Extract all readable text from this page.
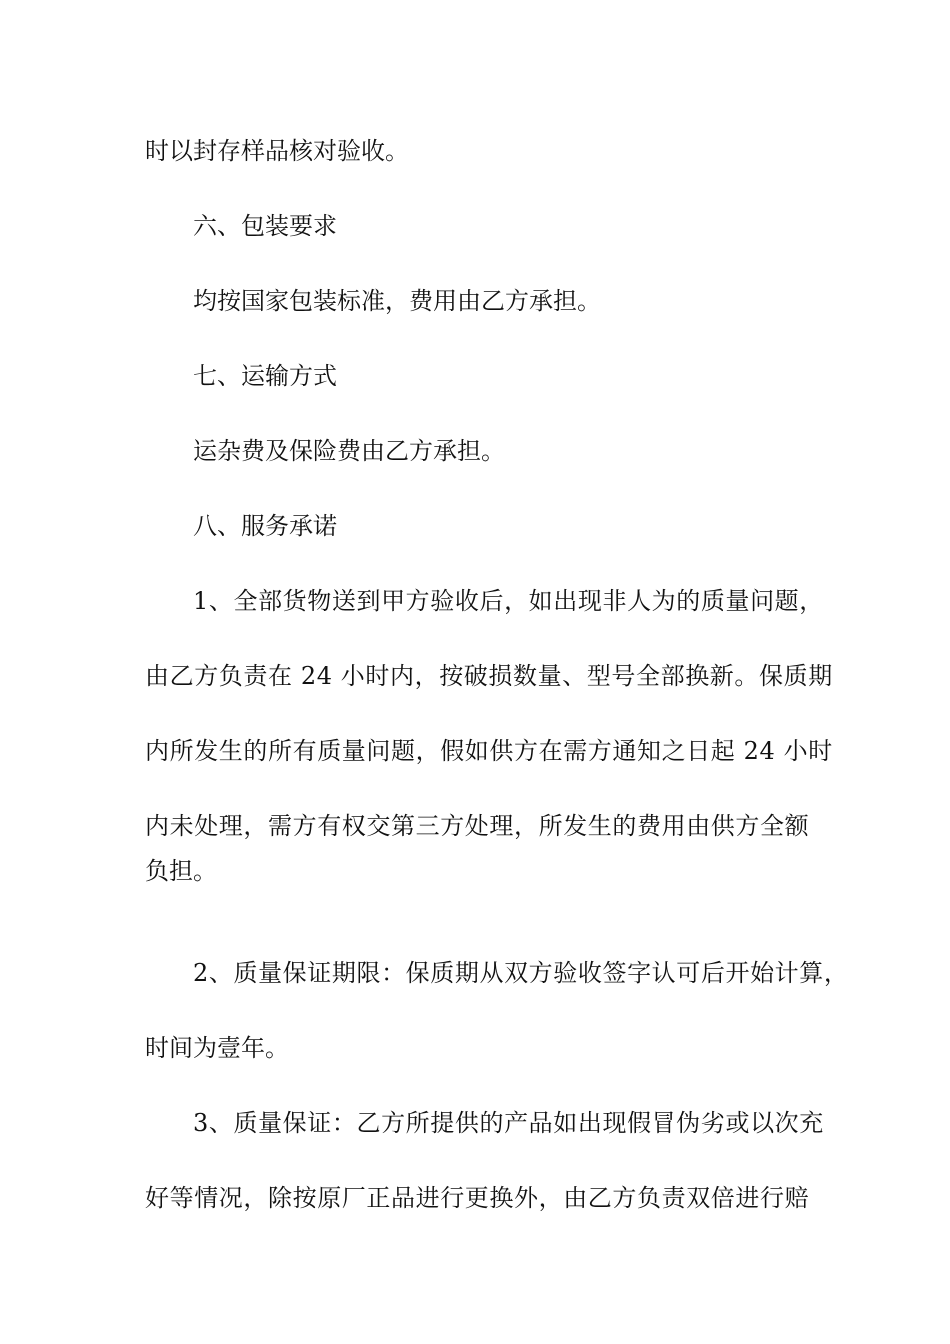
时以封存样品核对验收。

六、包装要求

均按国家包装标准，费用由乙方承担。

七、运输方式

运杂费及保险费由乙方承担。

八、服务承诺

1、全部货物送到甲方验收后，如出现非人为的质量问题，

由乙方负责在 24 小时内，按破损数量、型号全部换新。保质期

内所发生的所有质量问题，假如供方在需方通知之日起 24 小时

内未处理，需方有权交第三方处理，所发生的费用由供方全额

负担。

2、质量保证期限：保质期从双方验收签字认可后开始计算，

时间为壹年。

3、质量保证：乙方所提供的产品如出现假冒伪劣或以次充

好等情况，除按原厂正品进行更换外，由乙方负责双倍进行赔
